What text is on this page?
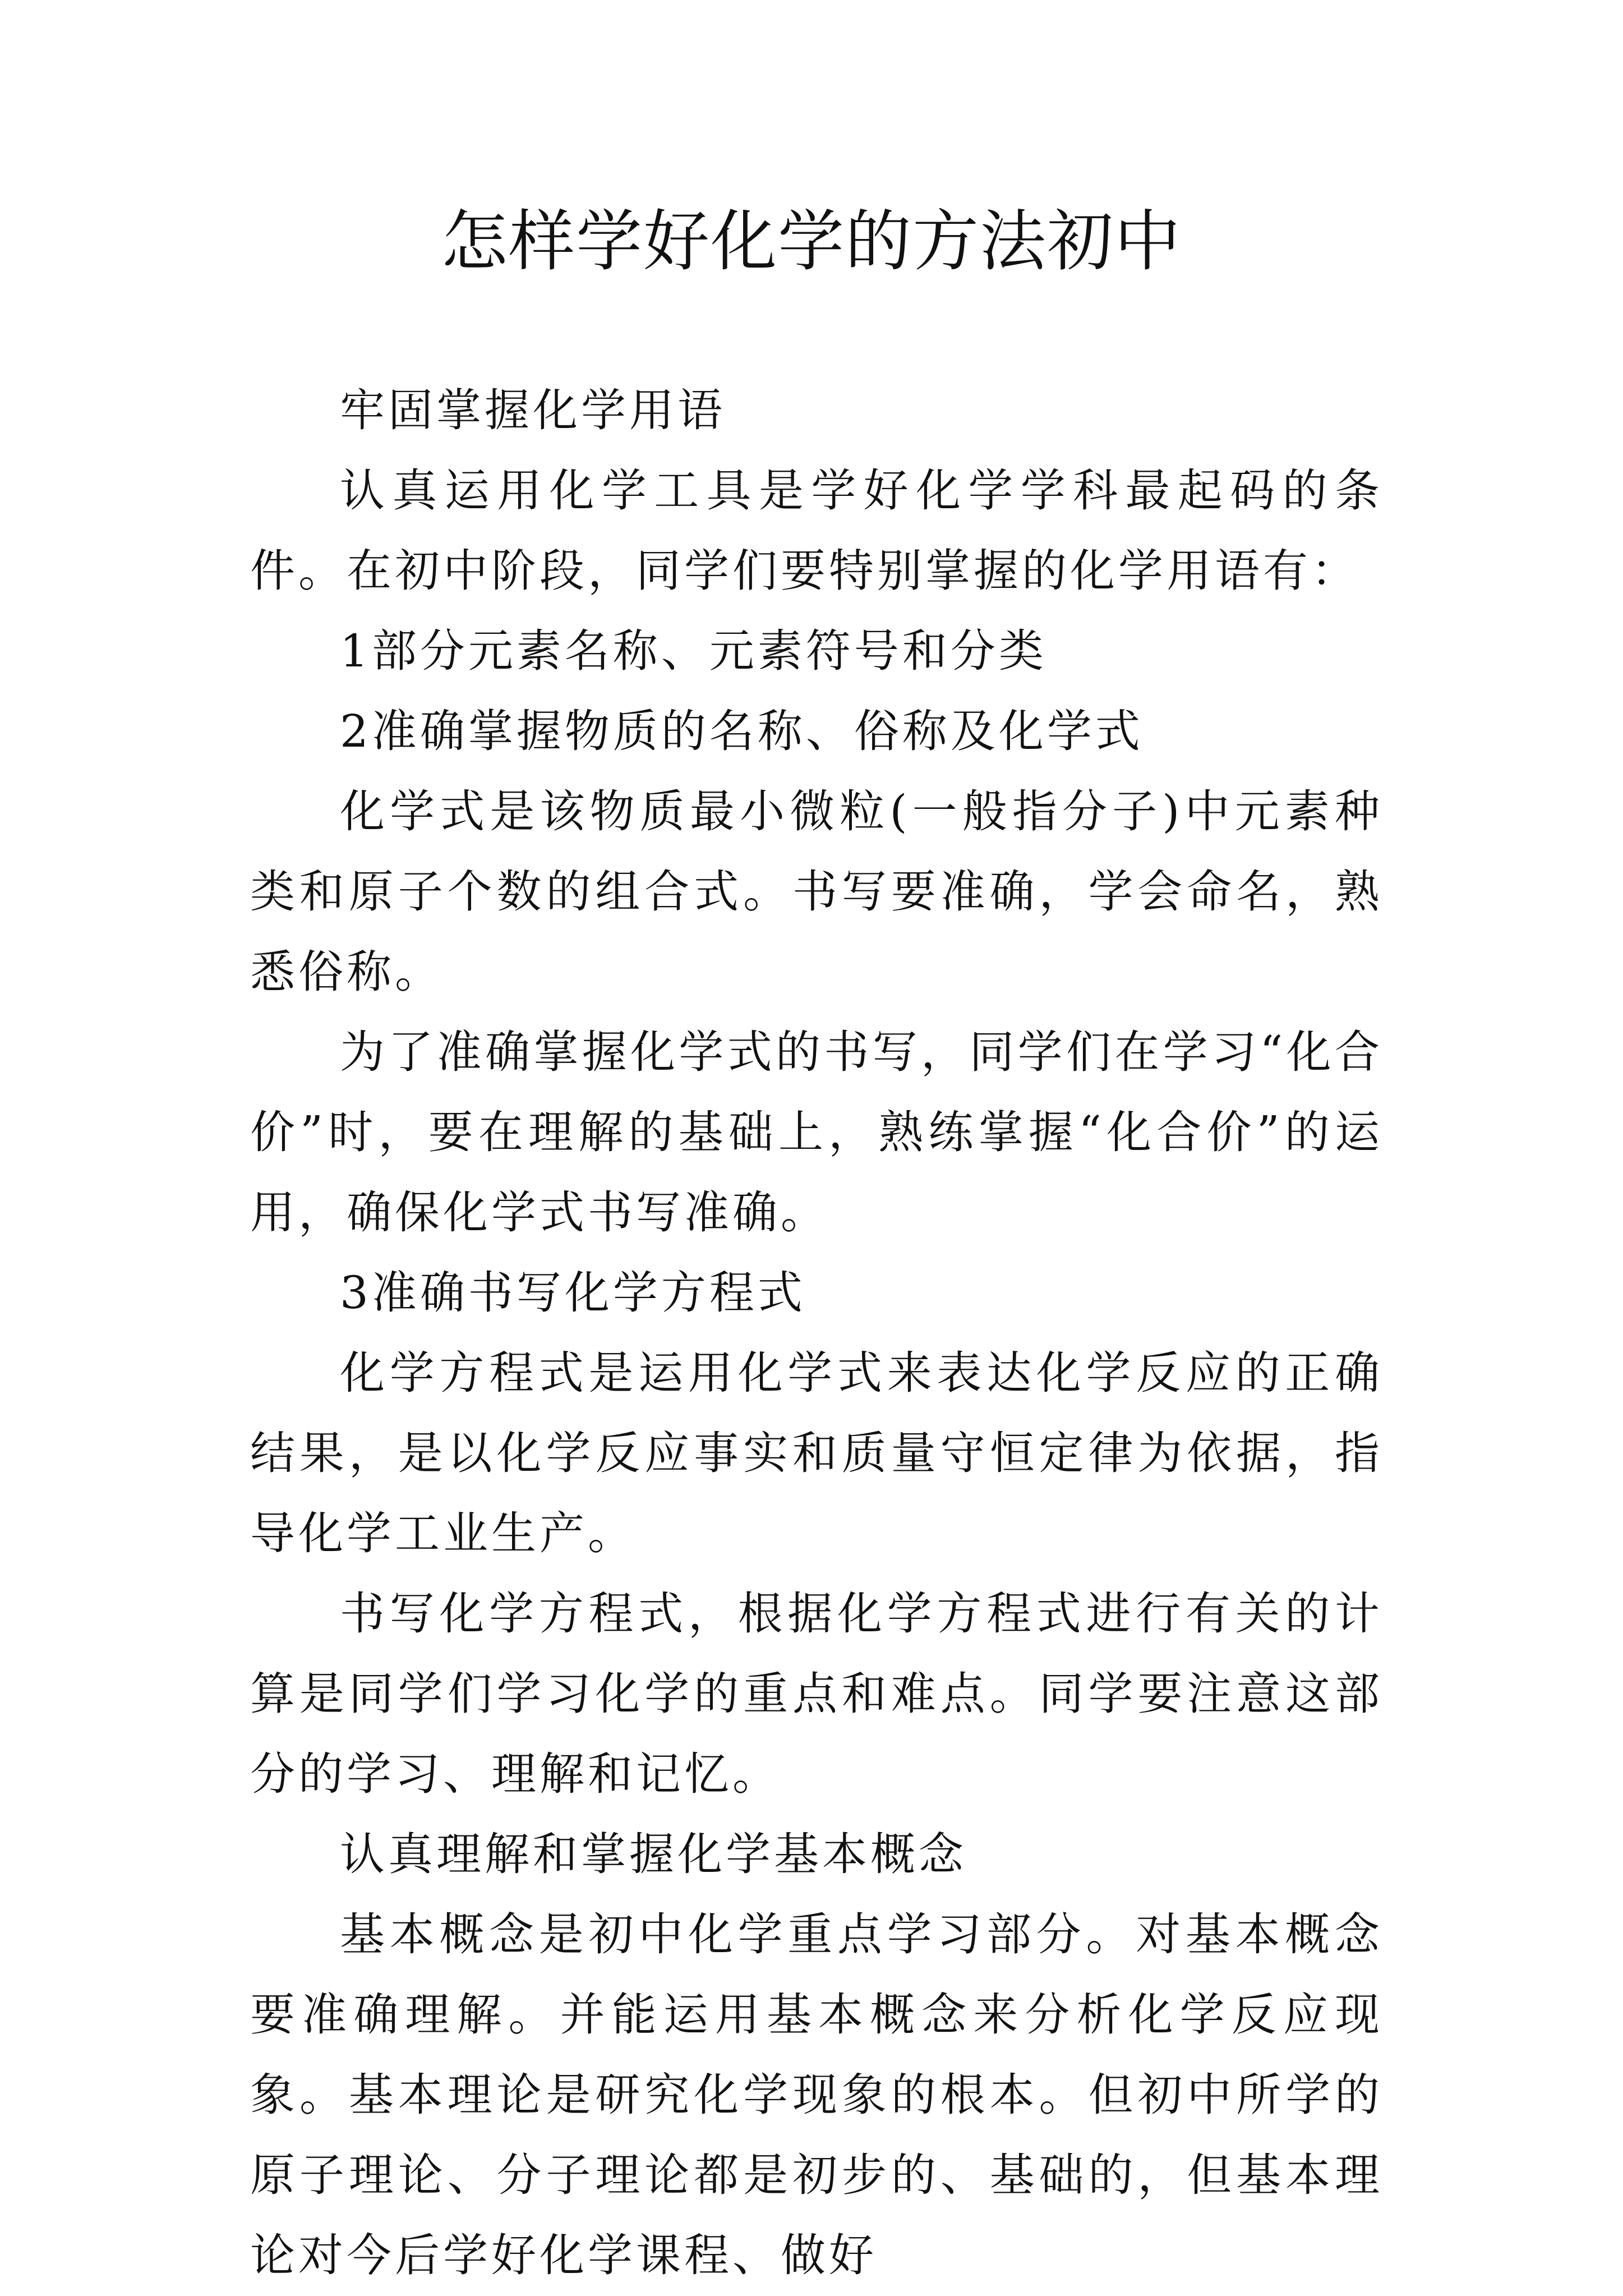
怎样学好化学的方法初中

牢固掌握化学用语

认真运用化学工具是学好化学学科最起码的条件。在初中阶段，同学们要特别掌握的化学用语有：

1部分元素名称、元素符号和分类

2准确掌握物质的名称、俗称及化学式

化学式是该物质最小微粒(一般指分子)中元素种类和原子个数的组合式。书写要准确，学会命名，熟悉俗称。

为了准确掌握化学式的书写，同学们在学习“化合价”时，要在理解的基础上，熟练掌握“化合价”的运用，确保化学式书写准确。

3准确书写化学方程式

化学方程式是运用化学式来表达化学反应的正确结果，是以化学反应事实和质量守恒定律为依据，指导化学工业生产。

书写化学方程式，根据化学方程式进行有关的计算是同学们学习化学的重点和难点。同学要注意这部分的学习、理解和记忆。

认真理解和掌握化学基本概念

基本概念是初中化学重点学习部分。对基本概念要准确理解。并能运用基本概念来分析化学反应现象。基本理论是研究化学现象的根本。但初中所学的原子理论、分子理论都是初步的、基础的，但基本理论对今后学好化学课程、做好
